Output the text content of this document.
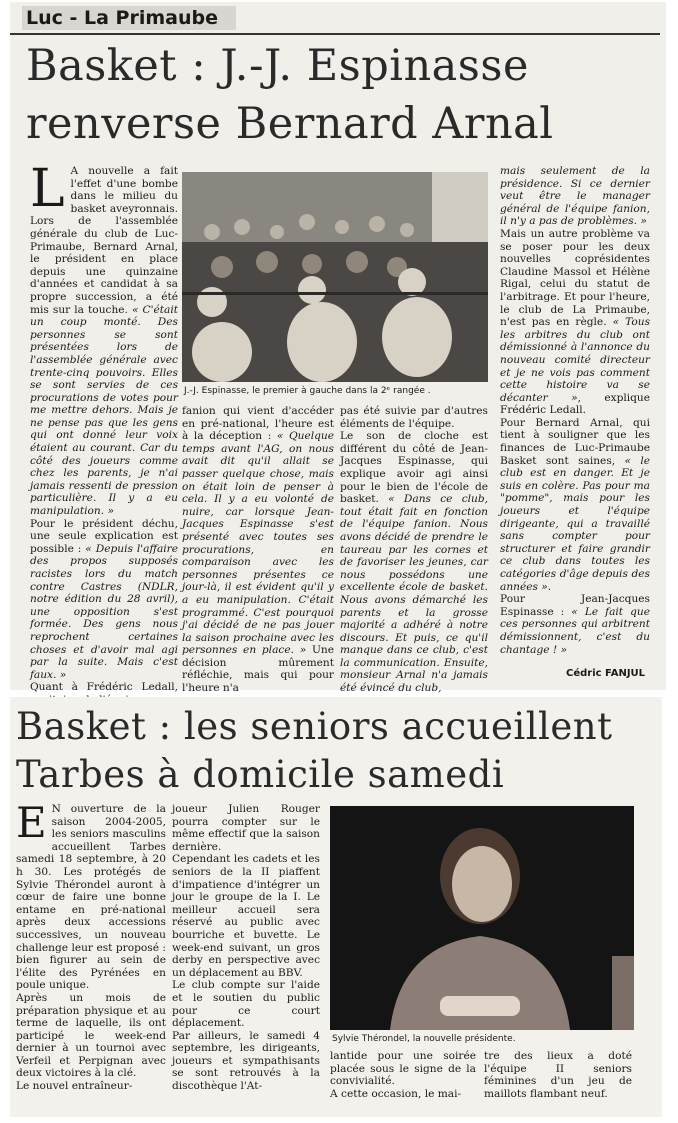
Luc - La Primaube
Basket : J.-J. Espinasse
renverse Bernard Arnal

L A nouvelle a fait l'effet d'une bombe dans le milieu du basket aveyronnais. Lors de l'assemblée générale du club de Luc-Primaube, Bernard Arnal, le président en place depuis une quinzaine d'années et candidat à sa propre succession, a été mis sur la touche. « C'était un coup monté. Des personnes se sont présentées lors de l'assemblée générale avec trente-cinq pouvoirs. Elles se sont servies de ces procurations de votes pour me mettre dehors. Mais je ne pense pas que les gens qui ont donné leur voix étaient au courant. Car du côté des joueurs comme chez les parents, je n'ai jamais ressenti de pression particulière. Il y a eu manipulation. »

Pour le président déchu, une seule explication est possible : « Depuis l'affaire des propos supposés racistes lors du match contre Castres (NDLR, notre édition du 28 avril), une opposition s'est formée. Des gens nous reprochent certaines choses et d'avoir mal agi par la suite. Mais c'est faux. »

Quant à Frédéric Ledall,

J.-J. Espinasse, le premier à gauche dans la 2ᵉ rangée .

fanion qui vient d'accéder en pré-national, l'heure est à la déception : « Quelque temps avant l'AG, on nous avait dit qu'il allait se passer quelque chose, mais on était loin de penser à cela. Il y a eu volonté de nuire, car lorsque Jean-Jacques Espinasse s'est présenté avec toutes ses procurations, en comparaison avec les personnes présentes ce jour-là, il est évident qu'il y a eu manipulation. C'était programmé. C'est pourquoi j'ai décidé de ne pas jouer la saison prochaine avec les personnes en place. » Une décision mûrement réfléchie, mais qui pour l'heure n'a

pas été suivie par d'autres éléments de l'équipe.

Le son de cloche est différent du côté de Jean-Jacques Espinasse, qui explique avoir agi ainsi pour le bien de l'école de basket. « Dans ce club, tout était fait en fonction de l'équipe fanion. Nous avons décidé de prendre le taureau par les cornes et de favoriser les jeunes, car nous possédons une excellente école de basket. Nous avons démarché les parents et la grosse majorité a adhéré à notre discours. Et puis, ce qu'il manque dans ce club, c'est la communication. Ensuite, monsieur Arnal n'a jamais été évincé du club,

mais seulement de la présidence. Si ce dernier veut être le manager général de l'équipe fanion, il n'y a pas de problèmes. »

Mais un autre problème va se poser pour les deux nouvelles coprésidentes Claudine Massol et Hélène Rigal, celui du statut de l'arbitrage. Et pour l'heure, le club de La Primaube, n'est pas en règle. « Tous les arbitres du club ont démissionné à l'annonce du nouveau comité directeur et je ne vois pas comment cette histoire va se décanter », explique Frédéric Ledall.

Pour Bernard Arnal, qui tient à souligner que les finances de Luc-Primaube Basket sont saines, « le club est en danger. Et je suis en colère. Pas pour ma "pomme", mais pour les joueurs et l'équipe dirigeante, qui a travaillé sans compter pour structurer et faire grandir ce club dans toutes les catégories d'âge depuis des années ».

Pour Jean-Jacques Espinasse : « Le fait que ces personnes qui arbitrent démissionnent, c'est du chantage ! »

Cédric FANJUL
Basket : les seniors accueillent
Tarbes à domicile samedi

E N ouverture de la saison 2004-2005, les seniors masculins accueillent Tarbes samedi 18 septembre, à 20 h 30. Les protégés de Sylvie Thérondel auront à cœur de faire une bonne entame en pré-national après deux accessions successives, un nouveau challenge leur est proposé : bien figurer au sein de l'élite des Pyrénées en poule unique.

Après un mois de préparation physique et au terme de laquelle, ils ont participé le week-end dernier à un tournoi avec Verfeil et Perpignan avec deux victoires à la clé.

Le nouvel entraîneur-

joueur Julien Rouger pourra compter sur le même effectif que la saison dernière.

Cependant les cadets et les seniors de la II piaffent d'impatience d'intégrer un jour le groupe de la I. Le meilleur accueil sera réservé au public avec bourriche et buvette. Le week-end suivant, un gros derby en perspective avec un déplacement au BBV.

Le club compte sur l'aide et le soutien du public pour ce court déplacement.

Par ailleurs, le samedi 4 septembre, les dirigeants, joueurs et sympathisants se sont retrouvés à la discothèque l'At-

Sylvie Thérondel, la nouvelle présidente.

lantide pour une soirée placée sous le signe de la convivialité.

A cette occasion, le mai-

tre des lieux a doté l'équipe II seniors féminines d'un jeu de maillots flambant neuf.
